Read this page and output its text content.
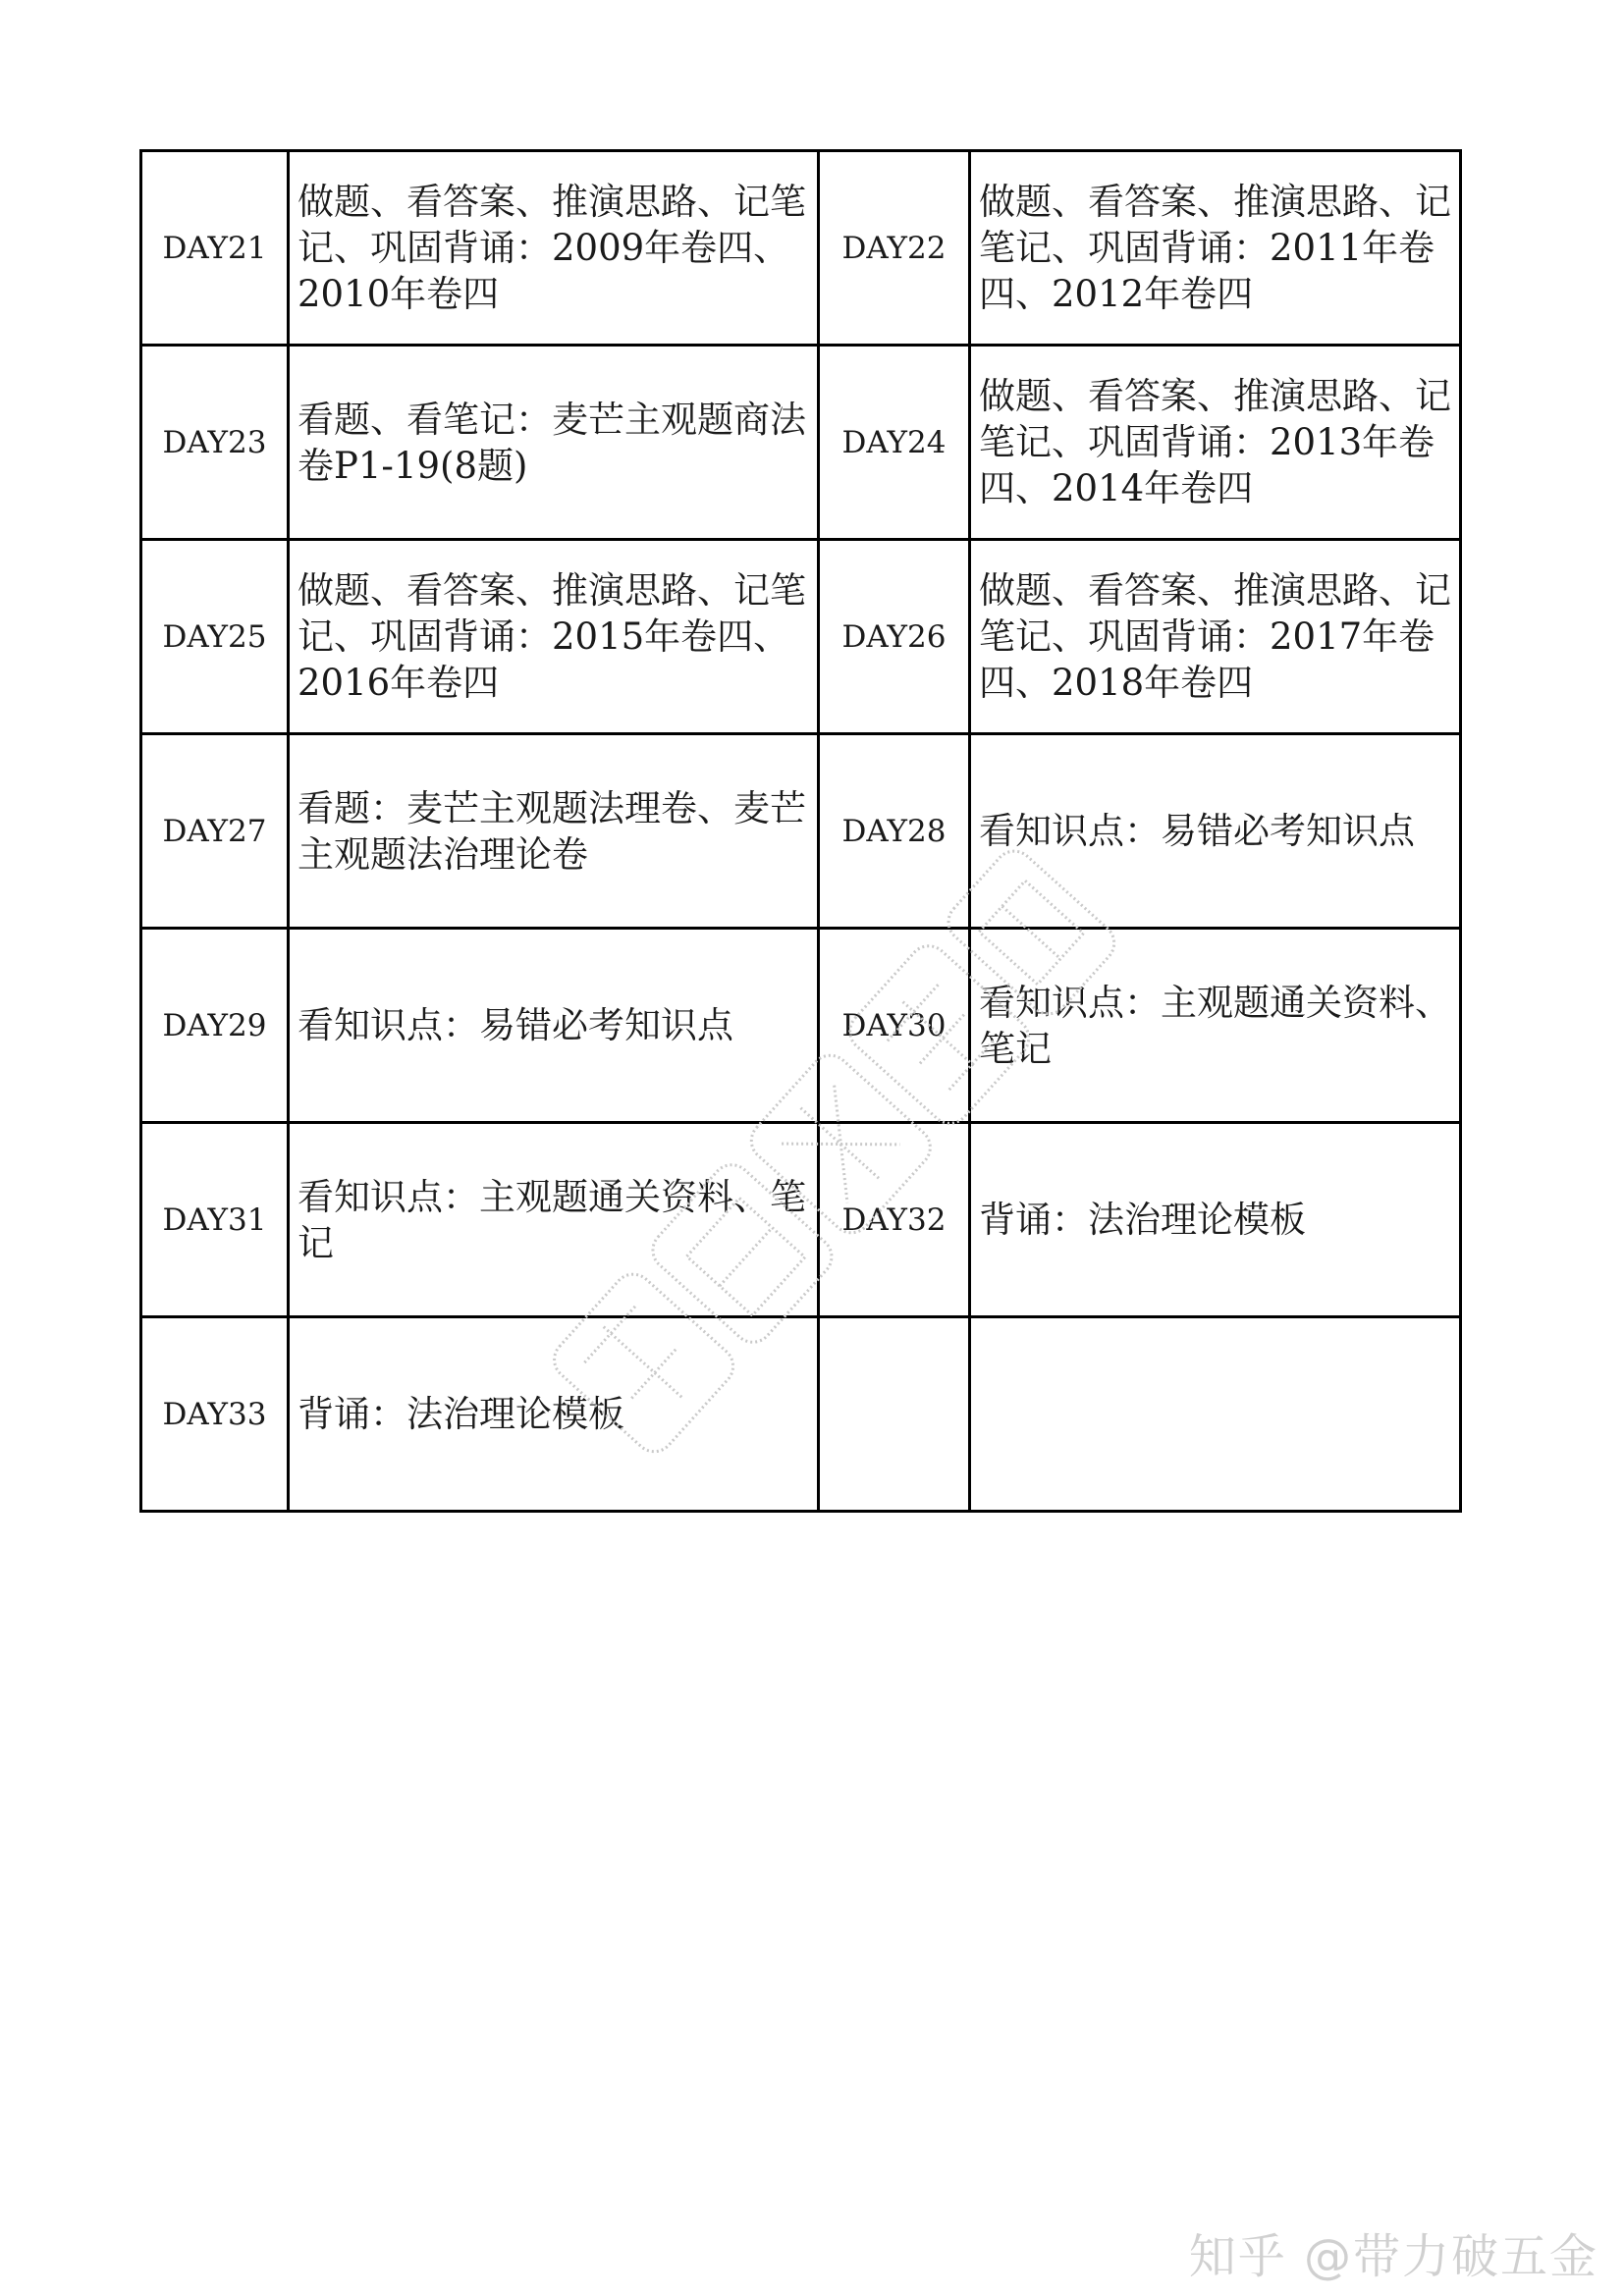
DAY21	做题、看答案、推演思路、记笔记、巩固背诵：2009年卷四、2010年卷四	DAY22	做题、看答案、推演思路、记笔记、巩固背诵：2011年卷四、2012年卷四
DAY23	看题、看笔记：麦芒主观题商法卷P1-19(8题)	DAY24	做题、看答案、推演思路、记笔记、巩固背诵：2013年卷四、2014年卷四
DAY25	做题、看答案、推演思路、记笔记、巩固背诵：2015年卷四、2016年卷四	DAY26	做题、看答案、推演思路、记笔记、巩固背诵：2017年卷四、2018年卷四
DAY27	看题：麦芒主观题法理卷、麦芒主观题法治理论卷	DAY28	看知识点：易错必考知识点
DAY29	看知识点：易错必考知识点	DAY30	看知识点：主观题通关资料、笔记
DAY31	看知识点：主观题通关资料、笔记	DAY32	背诵：法治理论模板
DAY33	背诵：法治理论模板		
知乎 @带力破五金
